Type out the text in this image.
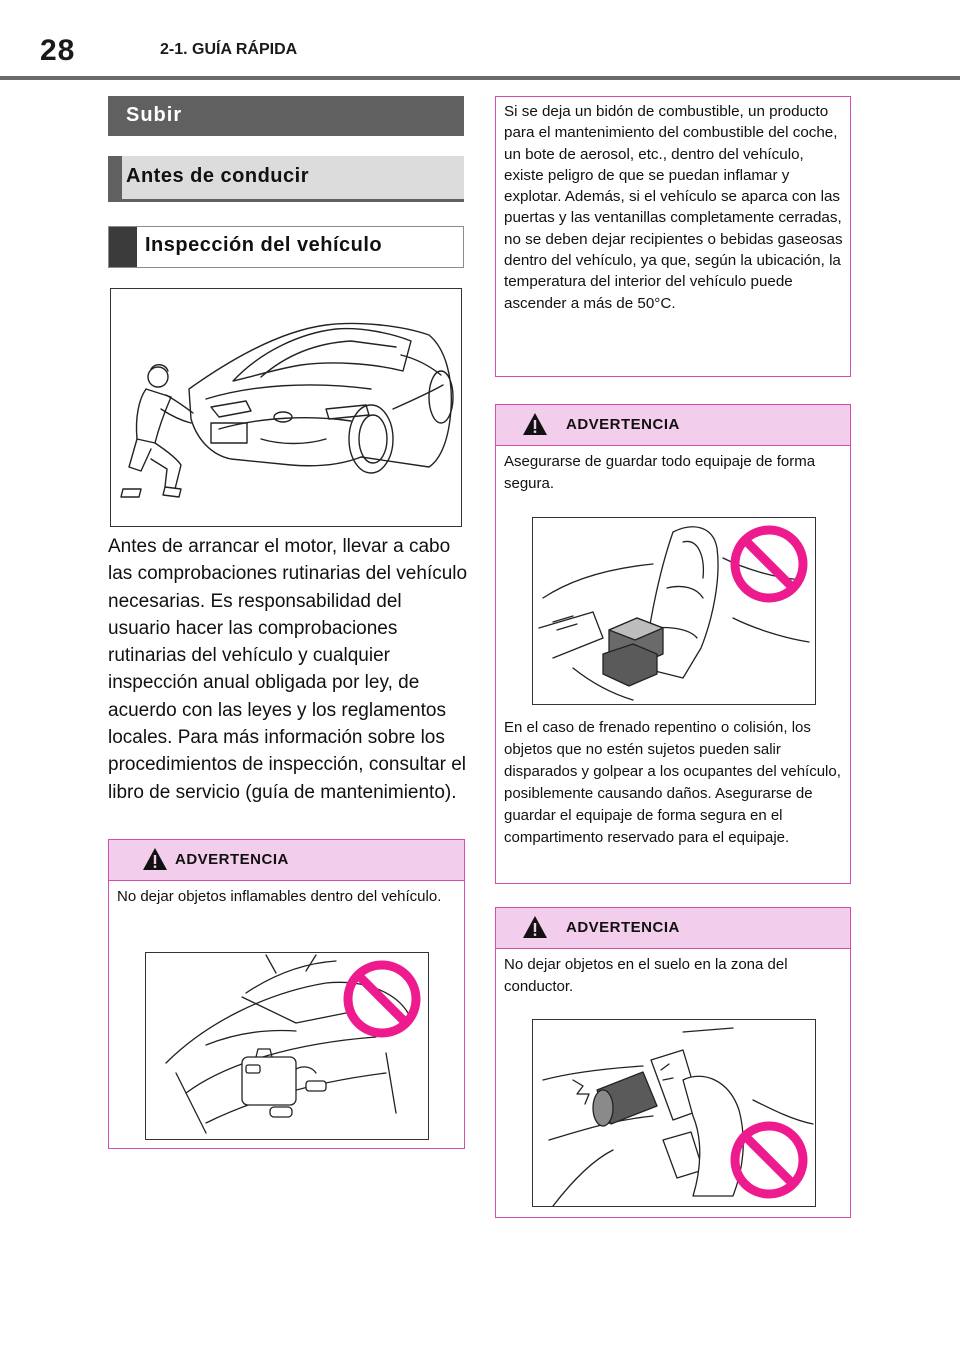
28	2-1. GUÍA RÁPIDA
Subir
Antes de conducir
Inspección del vehículo

Antes de arrancar el motor, llevar a cabo las comprobaciones rutinarias del vehículo necesarias. Es responsabilidad del usuario hacer las comprobaciones rutinarias del vehículo y cualquier inspección anual obligada por ley, de acuerdo con las leyes y los reglamentos locales. Para más información sobre los procedimientos de inspección, consultar el libro de servicio (guía de mantenimiento).

ADVERTENCIA

No dejar objetos inflamables dentro del vehículo.

Si se deja un bidón de combustible, un producto para el mantenimiento del combustible del coche, un bote de aerosol, etc., dentro del vehículo, existe peligro de que se puedan inflamar y explotar. Además, si el vehículo se aparca con las puertas y las ventanillas completamente cerradas, no se deben dejar recipientes o bebidas gaseosas dentro del vehículo, ya que, según la ubicación, la temperatura del interior del vehículo puede ascender a más de 50°C.

ADVERTENCIA

Asegurarse de guardar todo equipaje de forma segura.

En el caso de frenado repentino o colisión, los objetos que no estén sujetos pueden salir disparados y golpear a los ocupantes del vehículo, posiblemente causando daños. Asegurarse de guardar el equipaje de forma segura en el compartimento reservado para el equipaje.

ADVERTENCIA

No dejar objetos en el suelo en la zona del conductor.
